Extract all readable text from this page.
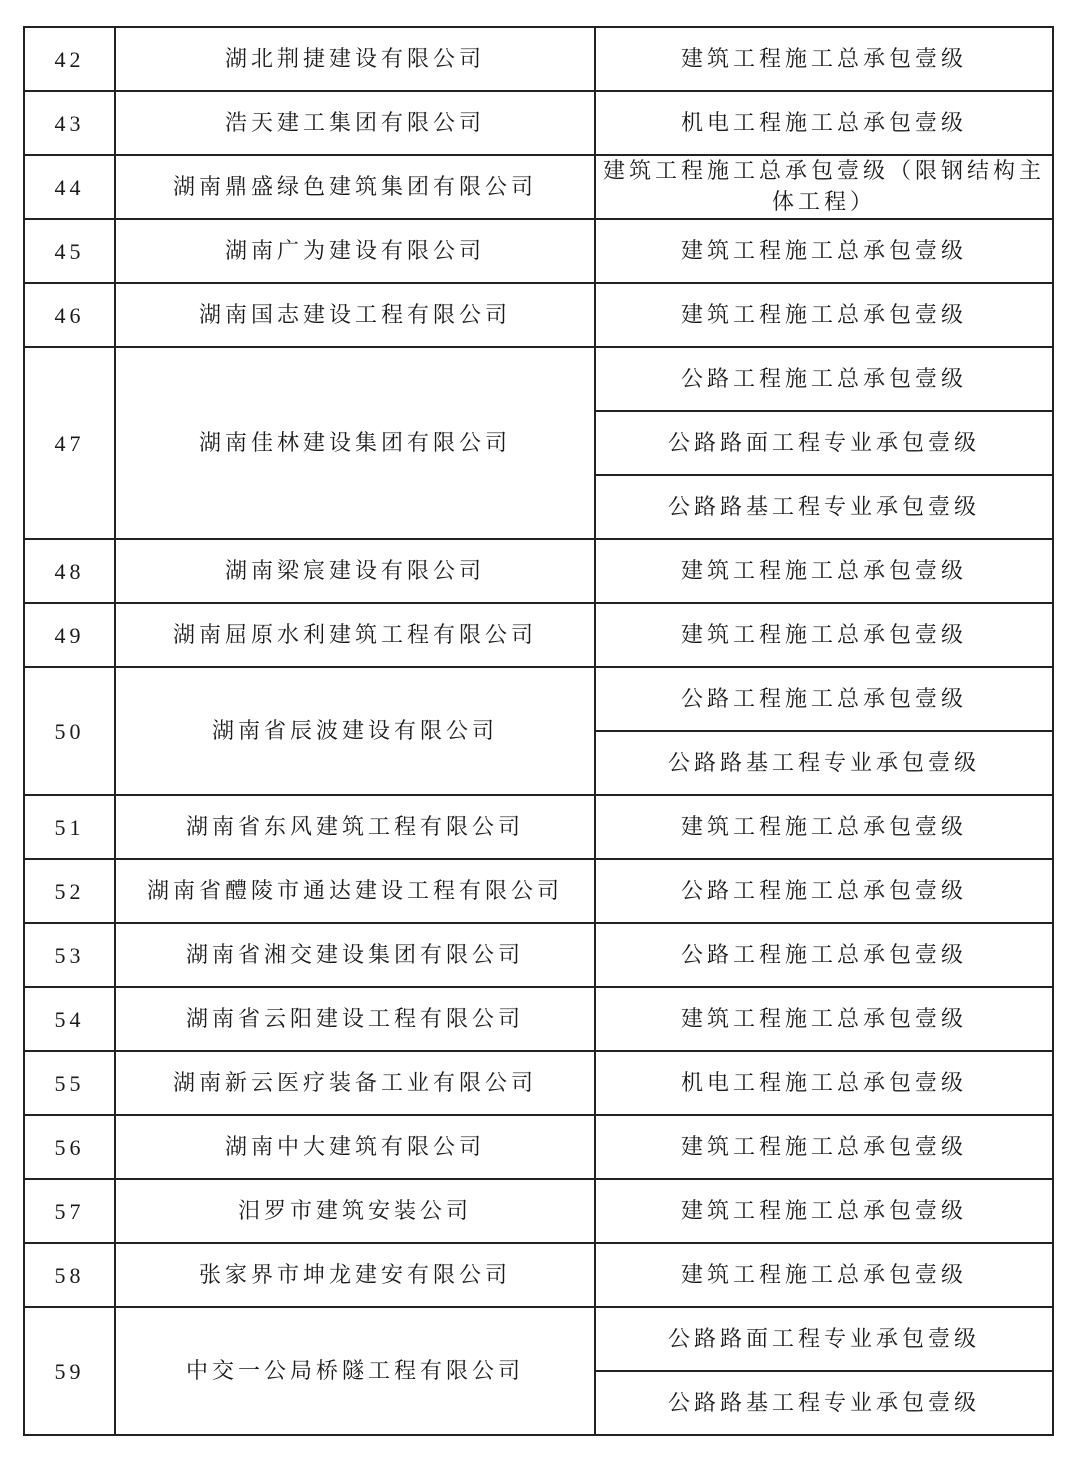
42	湖北荆捷建设有限公司	建筑工程施工总承包壹级
43	浩天建工集团有限公司	机电工程施工总承包壹级
44	湖南鼎盛绿色建筑集团有限公司	建筑工程施工总承包壹级（限钢结构主体工程）
45	湖南广为建设有限公司	建筑工程施工总承包壹级
46	湖南国志建设工程有限公司	建筑工程施工总承包壹级
47	湖南佳林建设集团有限公司	公路工程施工总承包壹级
		公路路面工程专业承包壹级
		公路路基工程专业承包壹级
48	湖南梁宸建设有限公司	建筑工程施工总承包壹级
49	湖南屈原水利建筑工程有限公司	建筑工程施工总承包壹级
50	湖南省辰波建设有限公司	公路工程施工总承包壹级
		公路路基工程专业承包壹级
51	湖南省东风建筑工程有限公司	建筑工程施工总承包壹级
52	湖南省醴陵市通达建设工程有限公司	公路工程施工总承包壹级
53	湖南省湘交建设集团有限公司	公路工程施工总承包壹级
54	湖南省云阳建设工程有限公司	建筑工程施工总承包壹级
55	湖南新云医疗装备工业有限公司	机电工程施工总承包壹级
56	湖南中大建筑有限公司	建筑工程施工总承包壹级
57	汨罗市建筑安装公司	建筑工程施工总承包壹级
58	张家界市坤龙建安有限公司	建筑工程施工总承包壹级
59	中交一公局桥隧工程有限公司	公路路面工程专业承包壹级
		公路路基工程专业承包壹级
